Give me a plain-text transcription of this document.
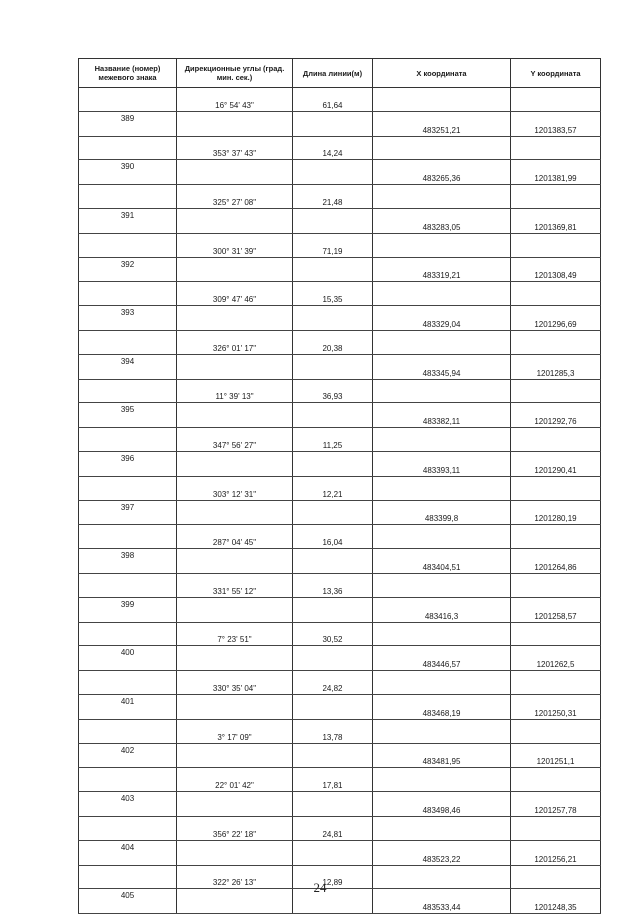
Название (номер) межевого знака	Дирекционные углы (град. мин. сек.)	Длина линии(м)	X координата	Y координата
	16° 54' 43"	61,64		
389			483251,21	1201383,57
	353° 37' 43"	14,24		
390			483265,36	1201381,99
	325° 27' 08"	21,48		
391			483283,05	1201369,81
	300° 31' 39"	71,19		
392			483319,21	1201308,49
	309° 47' 46"	15,35		
393			483329,04	1201296,69
	326° 01' 17"	20,38		
394			483345,94	1201285,3
	11° 39' 13"	36,93		
395			483382,11	1201292,76
	347° 56' 27"	11,25		
396			483393,11	1201290,41
	303° 12' 31"	12,21		
397			483399,8	1201280,19
	287° 04' 45"	16,04		
398			483404,51	1201264,86
	331° 55' 12"	13,36		
399			483416,3	1201258,57
	7° 23' 51"	30,52		
400			483446,57	1201262,5
	330° 35' 04"	24,82		
401			483468,19	1201250,31
	3° 17' 09"	13,78		
402			483481,95	1201251,1
	22° 01' 42"	17,81		
403			483498,46	1201257,78
	356° 22' 18"	24,81		
404			483523,22	1201256,21
	322° 26' 13"	12,89		
405			483533,44	1201248,35
24
